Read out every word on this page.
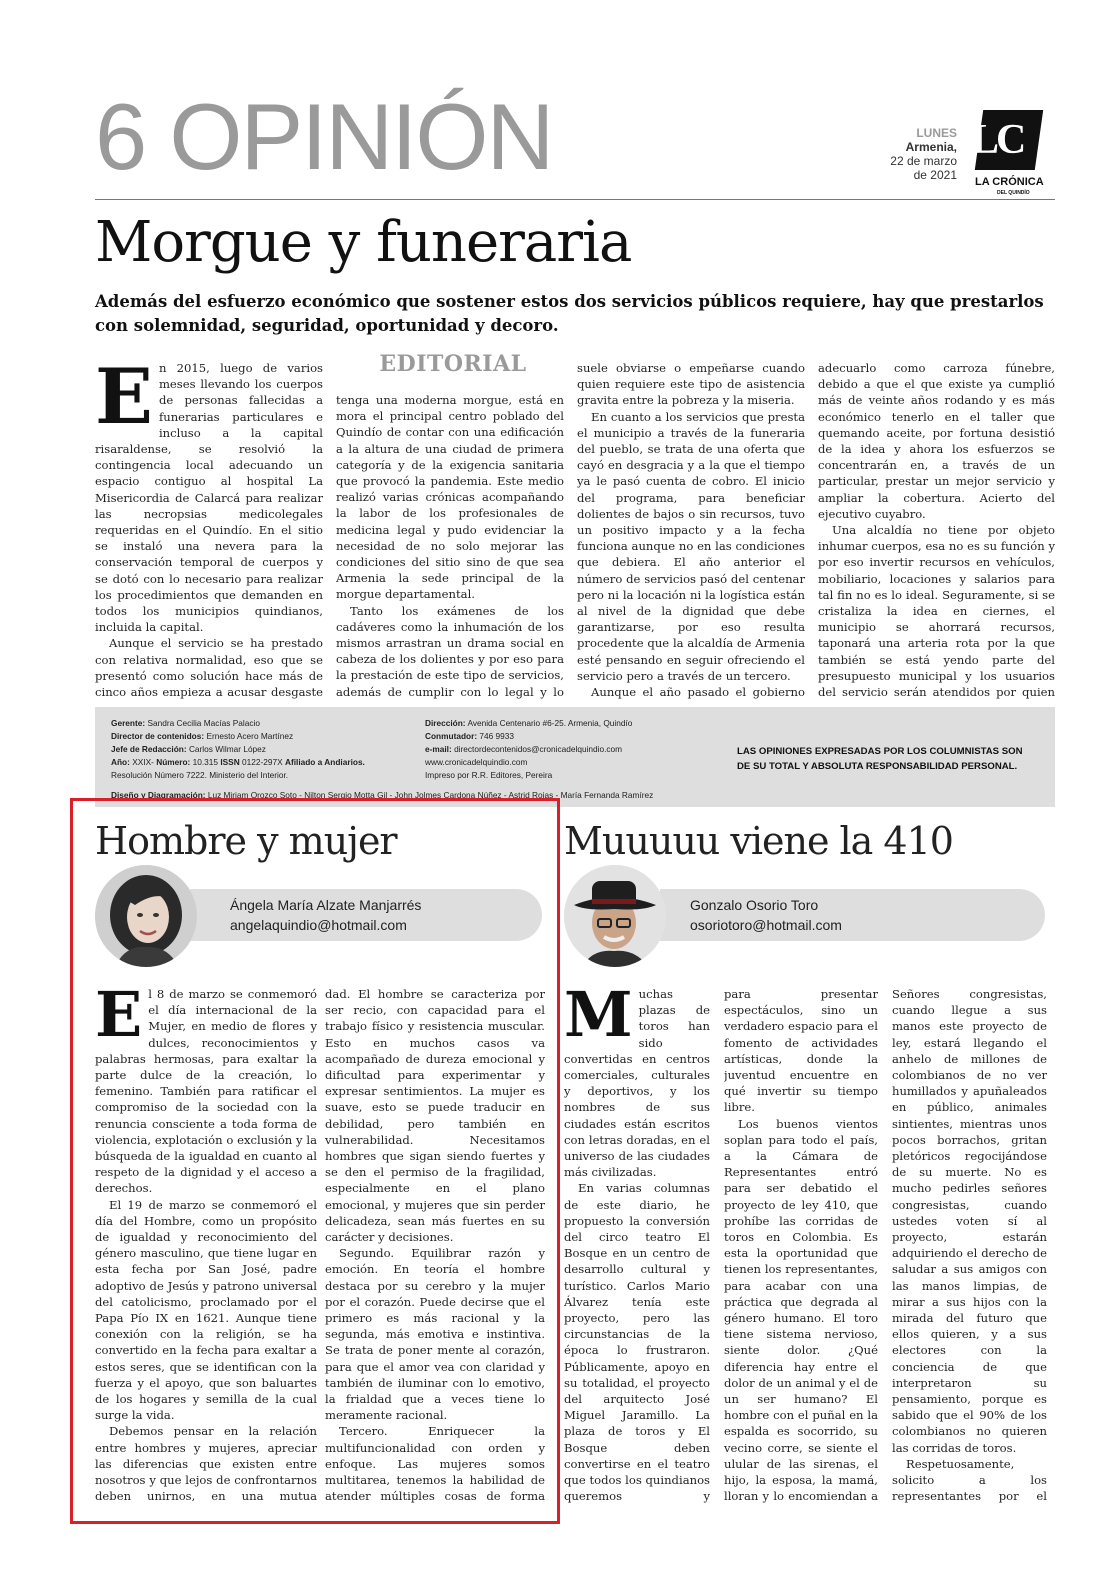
6 OPINIÓN	LUNES
Armenia,
22 de marzo
de 2021
LC
LA CRÓNICA
DEL QUINDÍO
Morgue y funeraria
Además del esfuerzo económico que sostener estos dos servicios públicos requiere, hay que prestarlos con solemnidad, seguridad, oportunidad y decoro.
EDITORIAL

En 2015, luego de varios meses llevando los cuerpos de personas fallecidas a funerarias particulares e incluso a la capital risaraldense, se resolvió la contingencia local adecuando un espacio contiguo al hospital La Misericordia de Calarcá para realizar las necropsias medicolegales requeridas en el Quindío. En el sitio se instaló una nevera para la conservación temporal de cuerpos y se dotó con lo necesario para realizar los procedimientos que demanden en todos los municipios quindianos, incluida la capital.

Aunque el servicio se ha prestado con relativa normalidad, eso que se presentó como solución hace más de cinco años empieza a acusar desgaste

tenga una moderna morgue, está en mora el principal centro poblado del Quindío de contar con una edificación a la altura de una ciudad de primera categoría y de la exigencia sanitaria que provocó la pandemia. Este medio realizó varias crónicas acompañando la labor de los profesionales de medicina legal y pudo evidenciar la necesidad de no solo mejorar las condiciones del sitio sino de que sea Armenia la sede principal de la morgue departamental.

Tanto los exámenes de los cadáveres como la inhumación de los mismos arrastran un drama social en cabeza de los dolientes y por eso para la prestación de este tipo de servicios, además de cumplir con lo legal y lo

suele obviarse o empeñarse cuando quien requiere este tipo de asistencia gravita entre la pobreza y la miseria.

En cuanto a los servicios que presta el municipio a través de la funeraria del pueblo, se trata de una oferta que cayó en desgracia y a la que el tiempo ya le pasó cuenta de cobro. El inicio del programa, para beneficiar dolientes de bajos o sin recursos, tuvo un positivo impacto y a la fecha funciona aunque no en las condiciones que debiera. El año anterior el número de servicios pasó del centenar pero ni la locación ni la logística están al nivel de la dignidad que debe garantizarse, por eso resulta procedente que la alcaldía de Armenia esté pensando en seguir ofreciendo el servicio pero a través de un tercero.

Aunque el año pasado el gobierno

adecuarlo como carroza fúnebre, debido a que el que existe ya cumplió más de veinte años rodando y es más económico tenerlo en el taller que quemando aceite, por fortuna desistió de la idea y ahora los esfuerzos se concentrarán en, a través de un particular, prestar un mejor servicio y ampliar la cobertura. Acierto del ejecutivo cuyabro.

Una alcaldía no tiene por objeto inhumar cuerpos, esa no es su función y por eso invertir recursos en vehículos, mobiliario, locaciones y salarios para tal fin no es lo ideal. Seguramente, si se cristaliza la idea en ciernes, el municipio se ahorrará recursos, taponará una arteria rota por la que también se está yendo parte del presupuesto municipal y los usuarios del servicio serán atendidos por quien

Gerente: Sandra Cecilia Macías Palacio
Director de contenidos: Ernesto Acero Martínez
Jefe de Redacción: Carlos Wilmar López
Año: XXIX- Número: 10.315 ISSN 0122-297X Afiliado a Andiarios.
Resolución Número 7222. Ministerio del Interior.
Dirección: Avenida Centenario #6-25. Armenia, Quindío
Conmutador: 746 9933
e-mail: directordecontenidos@cronicadelquindio.com
www.cronicadelquindio.com
Impreso por R.R. Editores, Pereira
Diseño y Diagramación: Luz Miriam Orozco Soto - Nilton Sergio Motta Gil - John Jolmes Cardona Núñez - Astrid Rojas - María Fernanda Ramírez
LAS OPINIONES EXPRESADAS POR LOS COLUMNISTAS SON DE SU TOTAL Y ABSOLUTA RESPONSABILIDAD PERSONAL.
Hombre y mujer
Ángela María Alzate Manjarrés
angelaquindio@hotmail.com

El 8 de marzo se conmemoró el día internacional de la Mujer, en medio de flores y dulces, reconocimientos y palabras hermosas, para exaltar la parte dulce de la creación, lo femenino. También para ratificar el compromiso de la sociedad con la renuncia consciente a toda forma de violencia, explotación o exclusión y la búsqueda de la igualdad en cuanto al respeto de la dignidad y el acceso a derechos.

El 19 de marzo se conmemoró el día del Hombre, como un propósito de igualdad y reconocimiento del género masculino, que tiene lugar en esta fecha por San José, padre adoptivo de Jesús y patrono universal del catolicismo, proclamado por el Papa Pío IX en 1621. Aunque tiene conexión con la religión, se ha convertido en la fecha para exaltar a estos seres, que se identifican con la fuerza y el apoyo, que son baluartes de los hogares y semilla de la cual surge la vida.

Debemos pensar en la relación entre hombres y mujeres, apreciar las diferencias que existen entre nosotros y que lejos de confrontarnos deben unirnos, en una mutua

dad. El hombre se caracteriza por ser recio, con capacidad para el trabajo físico y resistencia muscular. Esto en muchos casos va acompañado de dureza emocional y dificultad para experimentar y expresar sentimientos. La mujer es suave, esto se puede traducir en debilidad, pero también en vulnerabilidad. Necesitamos hombres que sigan siendo fuertes y se den el permiso de la fragilidad, especialmente en el plano emocional, y mujeres que sin perder delicadeza, sean más fuertes en su carácter y decisiones.

Segundo. Equilibrar razón y emoción. En teoría el hombre destaca por su cerebro y la mujer por el corazón. Puede decirse que el primero es más racional y la segunda, más emotiva e instintiva. Se trata de poner mente al corazón, para que el amor vea con claridad y también de iluminar con lo emotivo, la frialdad que a veces tiene lo meramente racional.

Tercero. Enriquecer la multifuncionalidad con orden y enfoque. Las mujeres somos multitarea, tenemos la habilidad de atender múltiples cosas de forma

Muuuuu viene la 410
Gonzalo Osorio Toro
osoriotoro@hotmail.com

Muchas plazas de toros han sido convertidas en centros comerciales, culturales y deportivos, y los nombres de sus ciudades están escritos con letras doradas, en el universo de las ciudades más civilizadas.

En varias columnas de este diario, he propuesto la conversión del circo teatro El Bosque en un centro de desarrollo cultural y turístico. Carlos Mario Álvarez tenía este proyecto, pero las circunstancias de la época lo frustraron. Públicamente, apoyo en su totalidad, el proyecto del arquitecto José Miguel Jaramillo. La plaza de toros y El Bosque deben convertirse en el teatro que todos los quindianos queremos y

para presentar espectáculos, sino un verdadero espacio para el fomento de actividades artísticas, donde la juventud encuentre en qué invertir su tiempo libre.

Los buenos vientos soplan para todo el país, a la Cámara de Representantes entró para ser debatido el proyecto de ley 410, que prohíbe las corridas de toros en Colombia. Es esta la oportunidad que tienen los representantes, para acabar con una práctica que degrada al género humano. El toro tiene sistema nervioso, siente dolor. ¿Qué diferencia hay entre el dolor de un animal y el de un ser humano? El hombre con el puñal en la espalda es socorrido, su vecino corre, se siente el ulular de las sirenas, el hijo, la esposa, la mamá, lloran y lo encomiendan a

Señores congresistas, cuando llegue a sus manos este proyecto de ley, estará llegando el anhelo de millones de colombianos de no ver humillados y apuñaleados en público, animales sintientes, mientras unos pocos borrachos, gritan pletóricos regocijándose de su muerte. No es mucho pedirles señores congresistas, cuando ustedes voten sí al proyecto, estarán adquiriendo el derecho de saludar a sus amigos con las manos limpias, de mirar a sus hijos con la mirada del futuro que ellos quieren, y a sus electores con la conciencia de que interpretaron su pensamiento, porque es sabido que el 90% de los colombianos no quieren las corridas de toros.

Respetuosamente, solicito a los representantes por el
